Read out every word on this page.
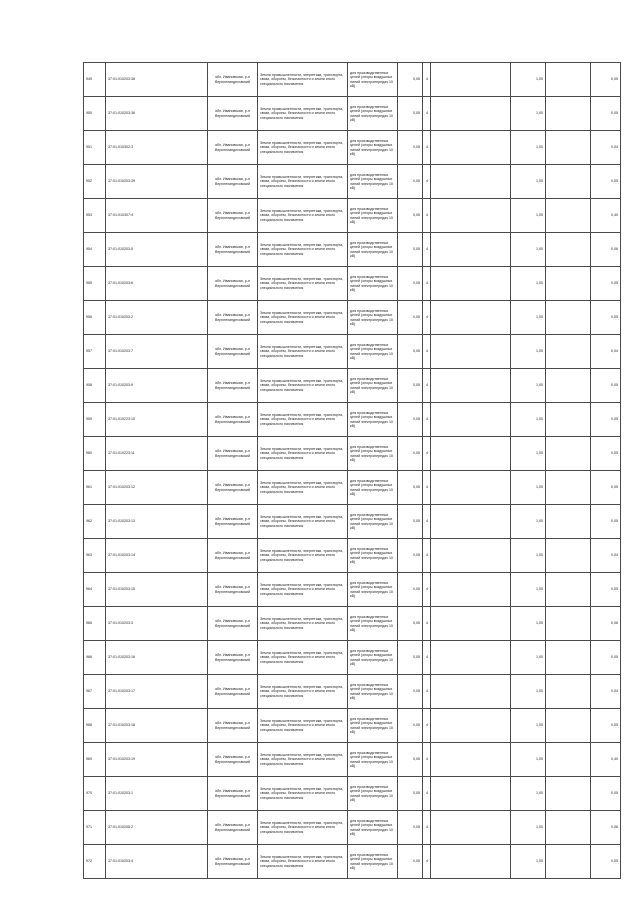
949	37:01:010203:38	обл. Ивановская, р-н Верхнеландеховский	Земли промышленности, энергетики, транспорта, связи, обороны, безопасности и земли иного специального назначения	для производственных целей (опоры воздушных линий электропередач 10 кВ)	0,05	4		1,00		0,05
950	37:01:010203:36	обл. Ивановская, р-н Верхнеландеховский	Земли промышленности, энергетики, транспорта, связи, обороны, безопасности и земли иного специального назначения	для производственных целей (опоры воздушных линий электропередач 10 кВ)	0,05	4		1,00		0,05
951	37:01:010302:3	обл. Ивановская, р-н Верхнеландеховский	Земли промышленности, энергетики, транспорта, связи, обороны, безопасности и земли иного специального назначения	для производственных целей (опоры воздушных линий электропередач 10 кВ)	0,05	4		1,00		0,04
952	37:01:010203:39	обл. Ивановская, р-н Верхнеландеховский	Земли промышленности, энергетики, транспорта, связи, обороны, безопасности и земли иного специального назначения	для производственных целей (опоры воздушных линий электропередач 10 кВ)	0,05	4		1,00		0,05
953	37:01:010307:4	обл. Ивановская, р-н Верхнеландеховский	Земли промышленности, энергетики, транспорта, связи, обороны, безопасности и земли иного специального назначения	для производственных целей (опоры воздушных линий электропередач 10 кВ)	0,05	4		1,00		0,40
954	37:01:010203:5	обл. Ивановская, р-н Верхнеландеховский	Земли промышленности, энергетики, транспорта, связи, обороны, безопасности и земли иного специального назначения	для производственных целей (опоры воздушных линий электропередач 10 кВ)	0,05	4		1,00		0,06
955	37:01:010203:6	обл. Ивановская, р-н Верхнеландеховский	Земли промышленности, энергетики, транспорта, связи, обороны, безопасности и земли иного специального назначения	для производственных целей (опоры воздушных линий электропередач 10 кВ)	0,05	4		1,00		0,05
956	37:01:010203:2	обл. Ивановская, р-н Верхнеландеховский	Земли промышленности, энергетики, транспорта, связи, обороны, безопасности и земли иного специального назначения	для производственных целей (опоры воздушных линий электропередач 10 кВ)	0,05	4		1,00		0,05
957	37:01:010203:7	обл. Ивановская, р-н Верхнеландеховский	Земли промышленности, энергетики, транспорта, связи, обороны, безопасности и земли иного специального назначения	для производственных целей (опоры воздушных линий электропередач 10 кВ)	0,05	4		1,00		0,04
958	37:01:010203:9	обл. Ивановская, р-н Верхнеландеховский	Земли промышленности, энергетики, транспорта, связи, обороны, безопасности и земли иного специального назначения	для производственных целей (опоры воздушных линий электропередач 10 кВ)	0,05	4		1,00		0,05
959	37:01:010223:10	обл. Ивановская, р-н Верхнеландеховский	Земли промышленности, энергетики, транспорта, связи, обороны, безопасности и земли иного специального назначения	для производственных целей (опоры воздушных линий электропередач 10 кВ)	0,05	4		1,00		0,05
960	37:01:010223:11	обл. Ивановская, р-н Верхнеландеховский	Земли промышленности, энергетики, транспорта, связи, обороны, безопасности и земли иного специального назначения	для производственных целей (опоры воздушных линий электропередач 10 кВ)	0,05	4		1,00		0,05
961	37:01:010203:12	обл. Ивановская, р-н Верхнеландеховский	Земли промышленности, энергетики, транспорта, связи, обороны, безопасности и земли иного специального назначения	для производственных целей (опоры воздушных линий электропередач 10 кВ)	0,05	4		1,00		0,05
962	37:01:010203:13	обл. Ивановская, р-н Верхнеландеховский	Земли промышленности, энергетики, транспорта, связи, обороны, безопасности и земли иного специального назначения	для производственных целей (опоры воздушных линий электропередач 10 кВ)	0,05	4		1,00		0,05
963	37:01:010203:14	обл. Ивановская, р-н Верхнеландеховский	Земли промышленности, энергетики, транспорта, связи, обороны, безопасности и земли иного специального назначения	для производственных целей (опоры воздушных линий электропередач 10 кВ)	0,05	4		1,00		0,04
964	37:01:010203:15	обл. Ивановская, р-н Верхнеландеховский	Земли промышленности, энергетики, транспорта, связи, обороны, безопасности и земли иного специального назначения	для производственных целей (опоры воздушных линий электропередач 10 кВ)	0,05	4		1,00		0,05
965	37:01:010203:3	обл. Ивановская, р-н Верхнеландеховский	Земли промышленности, энергетики, транспорта, связи, обороны, безопасности и земли иного специального назначения	для производственных целей (опоры воздушных линий электропередач 10 кВ)	0,05	4		1,00		0,06
966	37:01:010203:16	обл. Ивановская, р-н Верхнеландеховский	Земли промышленности, энергетики, транспорта, связи, обороны, безопасности и земли иного специального назначения	для производственных целей (опоры воздушных линий электропередач 10 кВ)	0,05	4		1,00		0,05
967	37:01:010203:17	обл. Ивановская, р-н Верхнеландеховский	Земли промышленности, энергетики, транспорта, связи, обороны, безопасности и земли иного специального назначения	для производственных целей (опоры воздушных линий электропередач 10 кВ)	0,05	4		1,00		0,04
968	37:01:010203:18	обл. Ивановская, р-н Верхнеландеховский	Земли промышленности, энергетики, транспорта, связи, обороны, безопасности и земли иного специального назначения	для производственных целей (опоры воздушных линий электропередач 10 кВ)	0,05	4		1,00		0,05
969	37:01:010203:19	обл. Ивановская, р-н Верхнеландеховский	Земли промышленности, энергетики, транспорта, связи, обороны, безопасности и земли иного специального назначения	для производственных целей (опоры воздушных линий электропередач 10 кВ)	0,05	4		1,00		0,40
970	37:01:010203:1	обл. Ивановская, р-н Верхнеландеховский	Земли промышленности, энергетики, транспорта, связи, обороны, безопасности и земли иного специального назначения	для производственных целей (опоры воздушных линий электропередач 10 кВ)	0,05	4		1,00		0,05
971	37:01:010205:2	обл. Ивановская, р-н Верхнеландеховский	Земли промышленности, энергетики, транспорта, связи, обороны, безопасности и земли иного специального назначения	для производственных целей (опоры воздушных линий электропередач 10 кВ)	0,05	4		1,00		0,06
972	37:01:010203:4	обл. Ивановская, р-н Верхнеландеховский	Земли промышленности, энергетики, транспорта, связи, обороны, безопасности и земли иного специального назначения	для производственных целей (опоры воздушных линий электропередач 10 кВ)	0,05	4		1,00		0,05
